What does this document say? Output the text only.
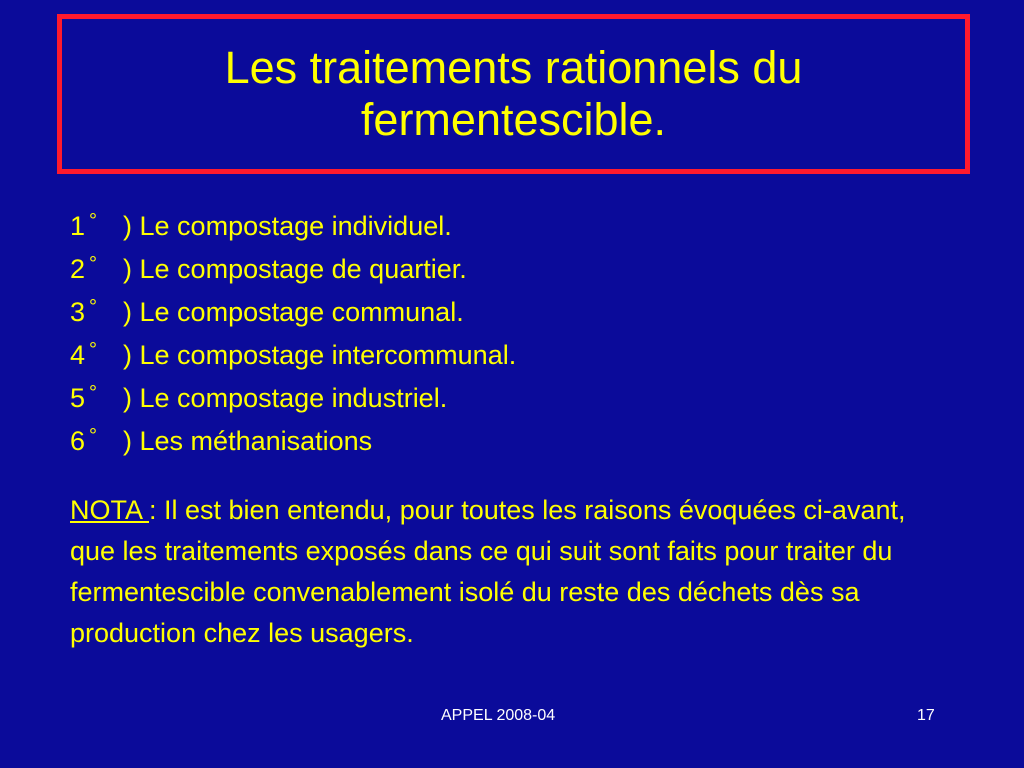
Les traitements rationnels du
fermentescible.
1 ° ) Le compostage individuel.
2 ° ) Le compostage de quartier.
3 ° ) Le compostage communal.
4 ° ) Le compostage intercommunal.
5 ° ) Le compostage industriel.
6 ° ) Les méthanisations
NOTA : Il est bien entendu, pour toutes les raisons évoquées ci-avant, que les traitements exposés dans ce qui suit sont faits pour traiter du fermentescible convenablement isolé du reste des déchets dès sa production chez les usagers.
APPEL 2008-04	17
